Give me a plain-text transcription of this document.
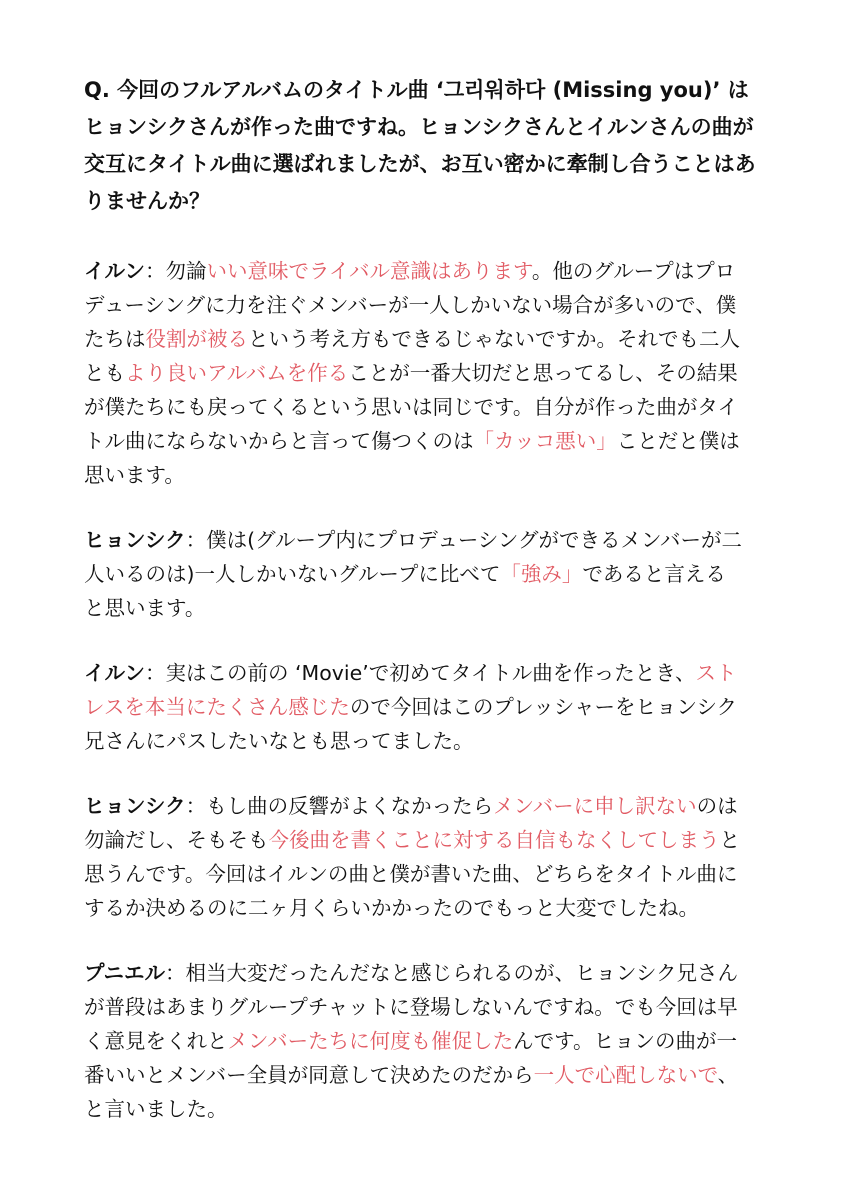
Q. 今回のフルアルバムのタイトル曲 ‘그리워하다 (Missing you)’ は
ヒョンシクさんが作った曲ですね。ヒョンシクさんとイルンさんの曲が
交互にタイトル曲に選ばれましたが、お互い密かに牽制し合うことはあ
りませんか？
イルン：勿論いい意味でライバル意識はあります。他のグループはプロ
デューシングに力を注ぐメンバーが一人しかいない場合が多いので、僕
たちは役割が被るという考え方もできるじゃないですか。それでも二人
ともより良いアルバムを作ることが一番大切だと思ってるし、その結果
が僕たちにも戻ってくるという思いは同じです。自分が作った曲がタイ
トル曲にならないからと言って傷つくのは「カッコ悪い」ことだと僕は
思います。
ヒョンシク：僕は(グループ内にプロデューシングができるメンバーが二
人いるのは)一人しかいないグループに比べて「強み」であると言える
と思います。
イルン：実はこの前の ‘Movie’で初めてタイトル曲を作ったとき、スト
レスを本当にたくさん感じたので今回はこのプレッシャーをヒョンシク
兄さんにパスしたいなとも思ってました。
ヒョンシク：もし曲の反響がよくなかったらメンバーに申し訳ないのは
勿論だし、そもそも今後曲を書くことに対する自信もなくしてしまうと
思うんです。今回はイルンの曲と僕が書いた曲、どちらをタイトル曲に
するか決めるのに二ヶ月くらいかかったのでもっと大変でしたね。
プニエル：相当大変だったんだなと感じられるのが、ヒョンシク兄さん
が普段はあまりグループチャットに登場しないんですね。でも今回は早
く意見をくれとメンバーたちに何度も催促したんです。ヒョンの曲が一
番いいとメンバー全員が同意して決めたのだから一人で心配しないで、
と言いました。
